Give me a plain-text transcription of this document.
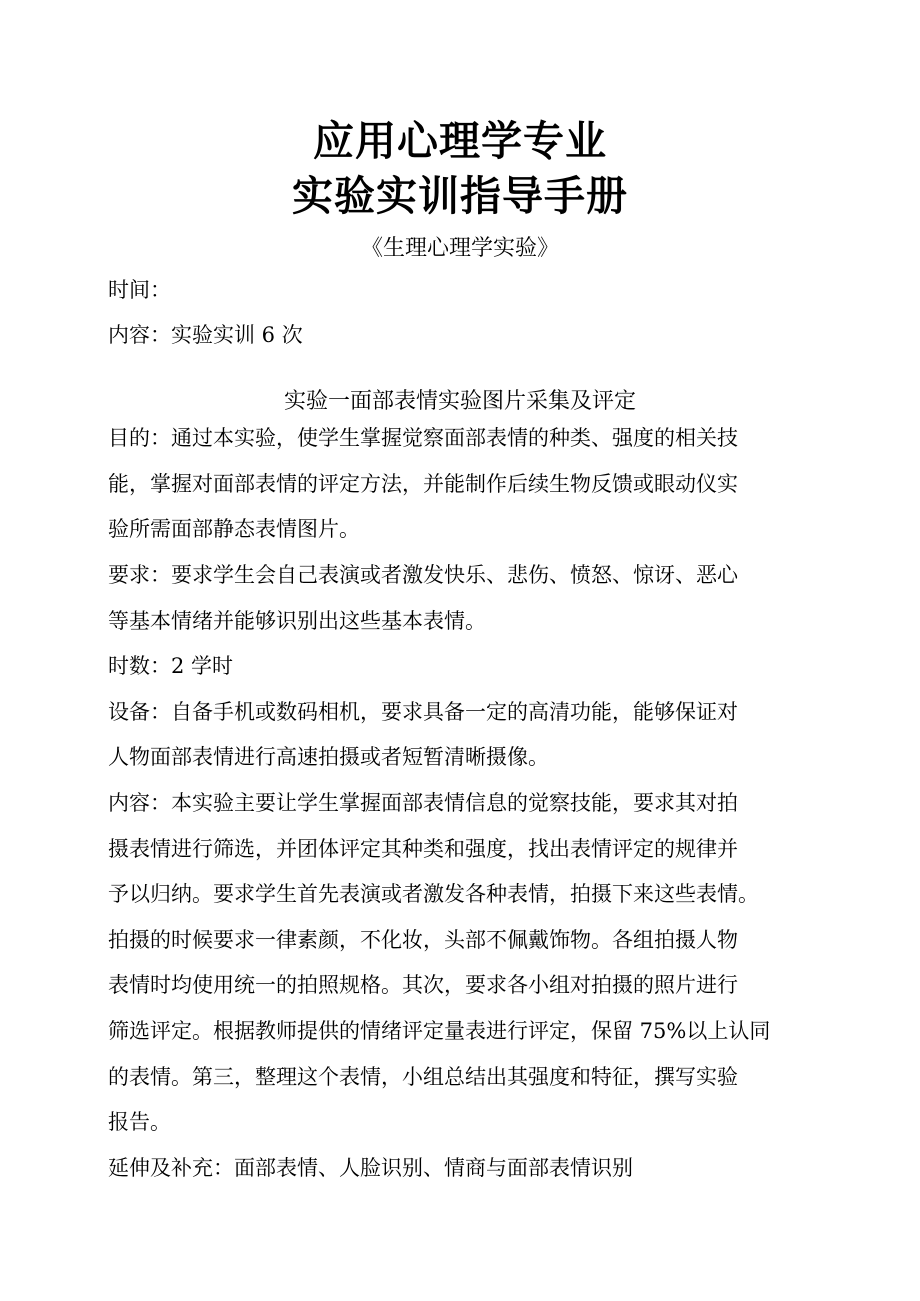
应用心理学专业
实验实训指导手册
《生理心理学实验》
时间：
内容：实验实训 6 次
实验一面部表情实验图片采集及评定
目的：通过本实验，使学生掌握觉察面部表情的种类、强度的相关技
能，掌握对面部表情的评定方法，并能制作后续生物反馈或眼动仪实
验所需面部静态表情图片。
要求：要求学生会自己表演或者激发快乐、悲伤、愤怒、惊讶、恶心
等基本情绪并能够识别出这些基本表情。
时数：2 学时
设备：自备手机或数码相机，要求具备一定的高清功能，能够保证对
人物面部表情进行高速拍摄或者短暂清晰摄像。
内容：本实验主要让学生掌握面部表情信息的觉察技能，要求其对拍
摄表情进行筛选，并团体评定其种类和强度，找出表情评定的规律并
予以归纳。要求学生首先表演或者激发各种表情，拍摄下来这些表情。
拍摄的时候要求一律素颜，不化妆，头部不佩戴饰物。各组拍摄人物
表情时均使用统一的拍照规格。其次，要求各小组对拍摄的照片进行
筛选评定。根据教师提供的情绪评定量表进行评定，保留 75%以上认同
的表情。第三，整理这个表情，小组总结出其强度和特征，撰写实验
报告。
延伸及补充：面部表情、人脸识别、情商与面部表情识别
